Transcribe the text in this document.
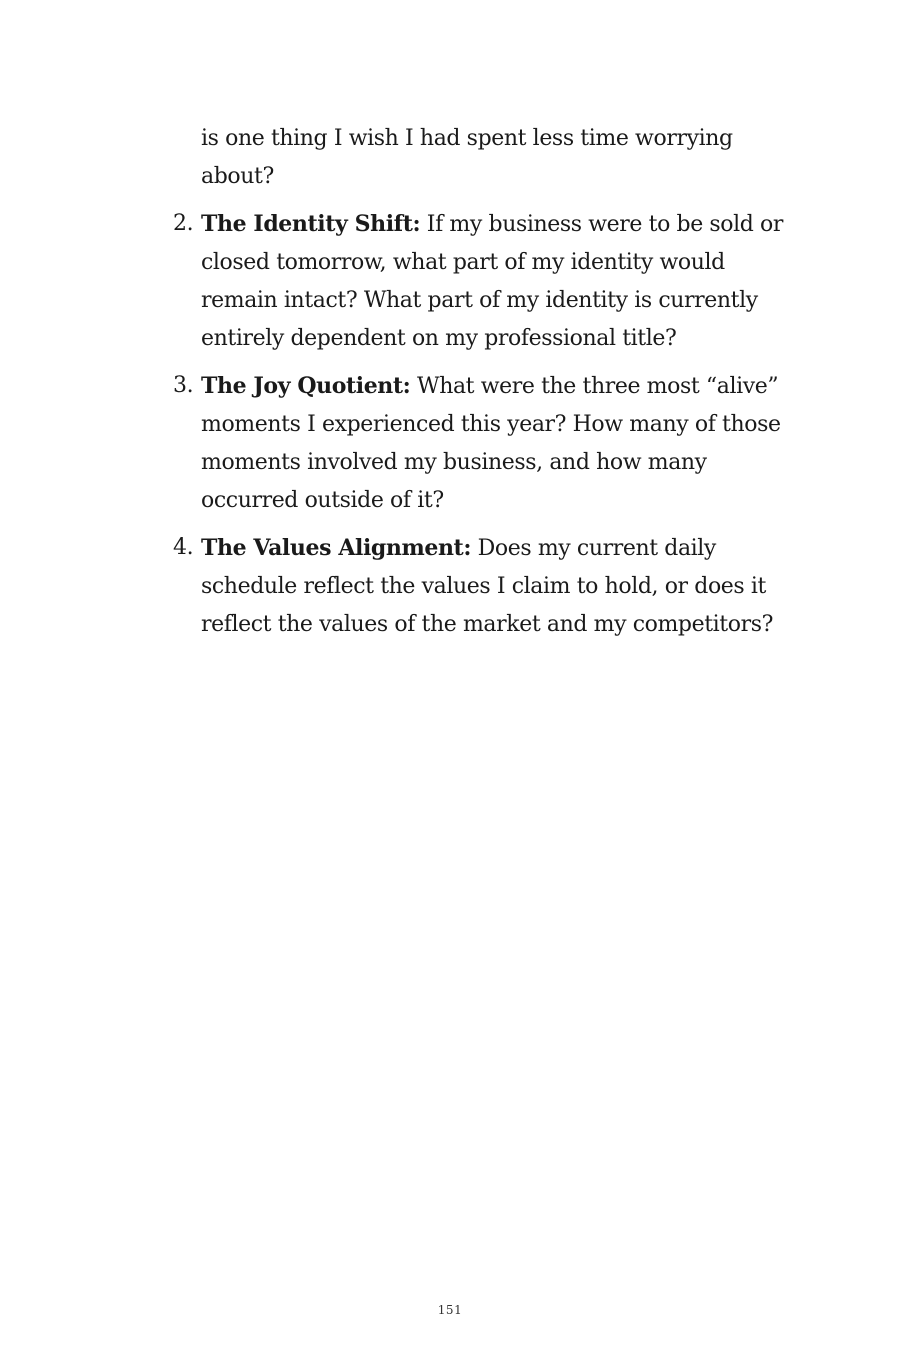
is one thing I wish I had spent less time worrying about?
2. The Identity Shift: If my business were to be sold or closed tomorrow, what part of my identity would remain intact? What part of my identity is currently entirely dependent on my professional title?
3. The Joy Quotient: What were the three most “alive” moments I experienced this year? How many of those moments involved my business, and how many occurred outside of it?
4. The Values Alignment: Does my current daily schedule reflect the values I claim to hold, or does it reflect the values of the market and my competitors?
151
